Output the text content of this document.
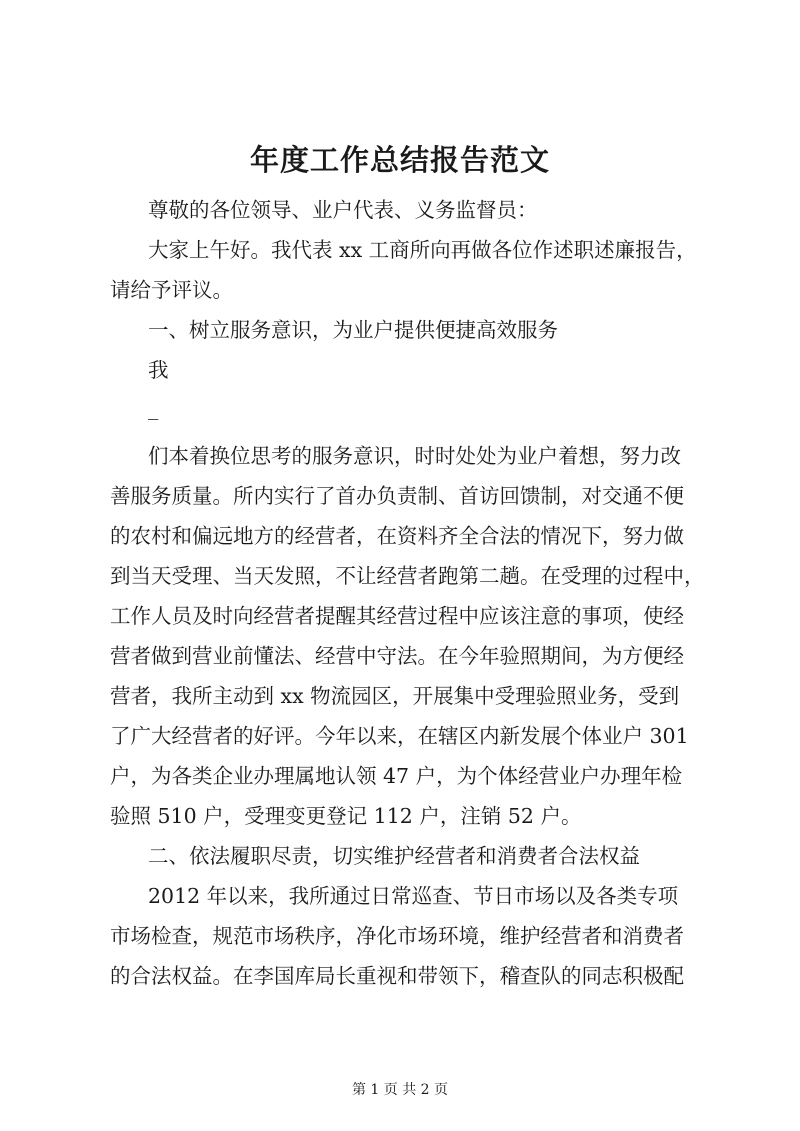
年度工作总结报告范文
尊敬的各位领导、业户代表、义务监督员：
大家上午好。我代表 xx 工商所向再做各位作述职述廉报告，
请给予评议。
一、树立服务意识，为业户提供便捷高效服务
我
_
们本着换位思考的服务意识，时时处处为业户着想，努力改
善服务质量。所内实行了首办负责制、首访回馈制，对交通不便
的农村和偏远地方的经营者，在资料齐全合法的情况下，努力做
到当天受理、当天发照，不让经营者跑第二趟。在受理的过程中，
工作人员及时向经营者提醒其经营过程中应该注意的事项，使经
营者做到营业前懂法、经营中守法。在今年验照期间，为方便经
营者，我所主动到 xx 物流园区，开展集中受理验照业务，受到
了广大经营者的好评。今年以来，在辖区内新发展个体业户 301
户，为各类企业办理属地认领 47 户，为个体经营业户办理年检
验照 510 户，受理变更登记 112 户，注销 52 户。
二、依法履职尽责，切实维护经营者和消费者合法权益
2012 年以来，我所通过日常巡查、节日市场以及各类专项
市场检查，规范市场秩序，净化市场环境，维护经营者和消费者
的合法权益。在李国库局长重视和带领下，稽查队的同志积极配
第 1 页 共 2 页
